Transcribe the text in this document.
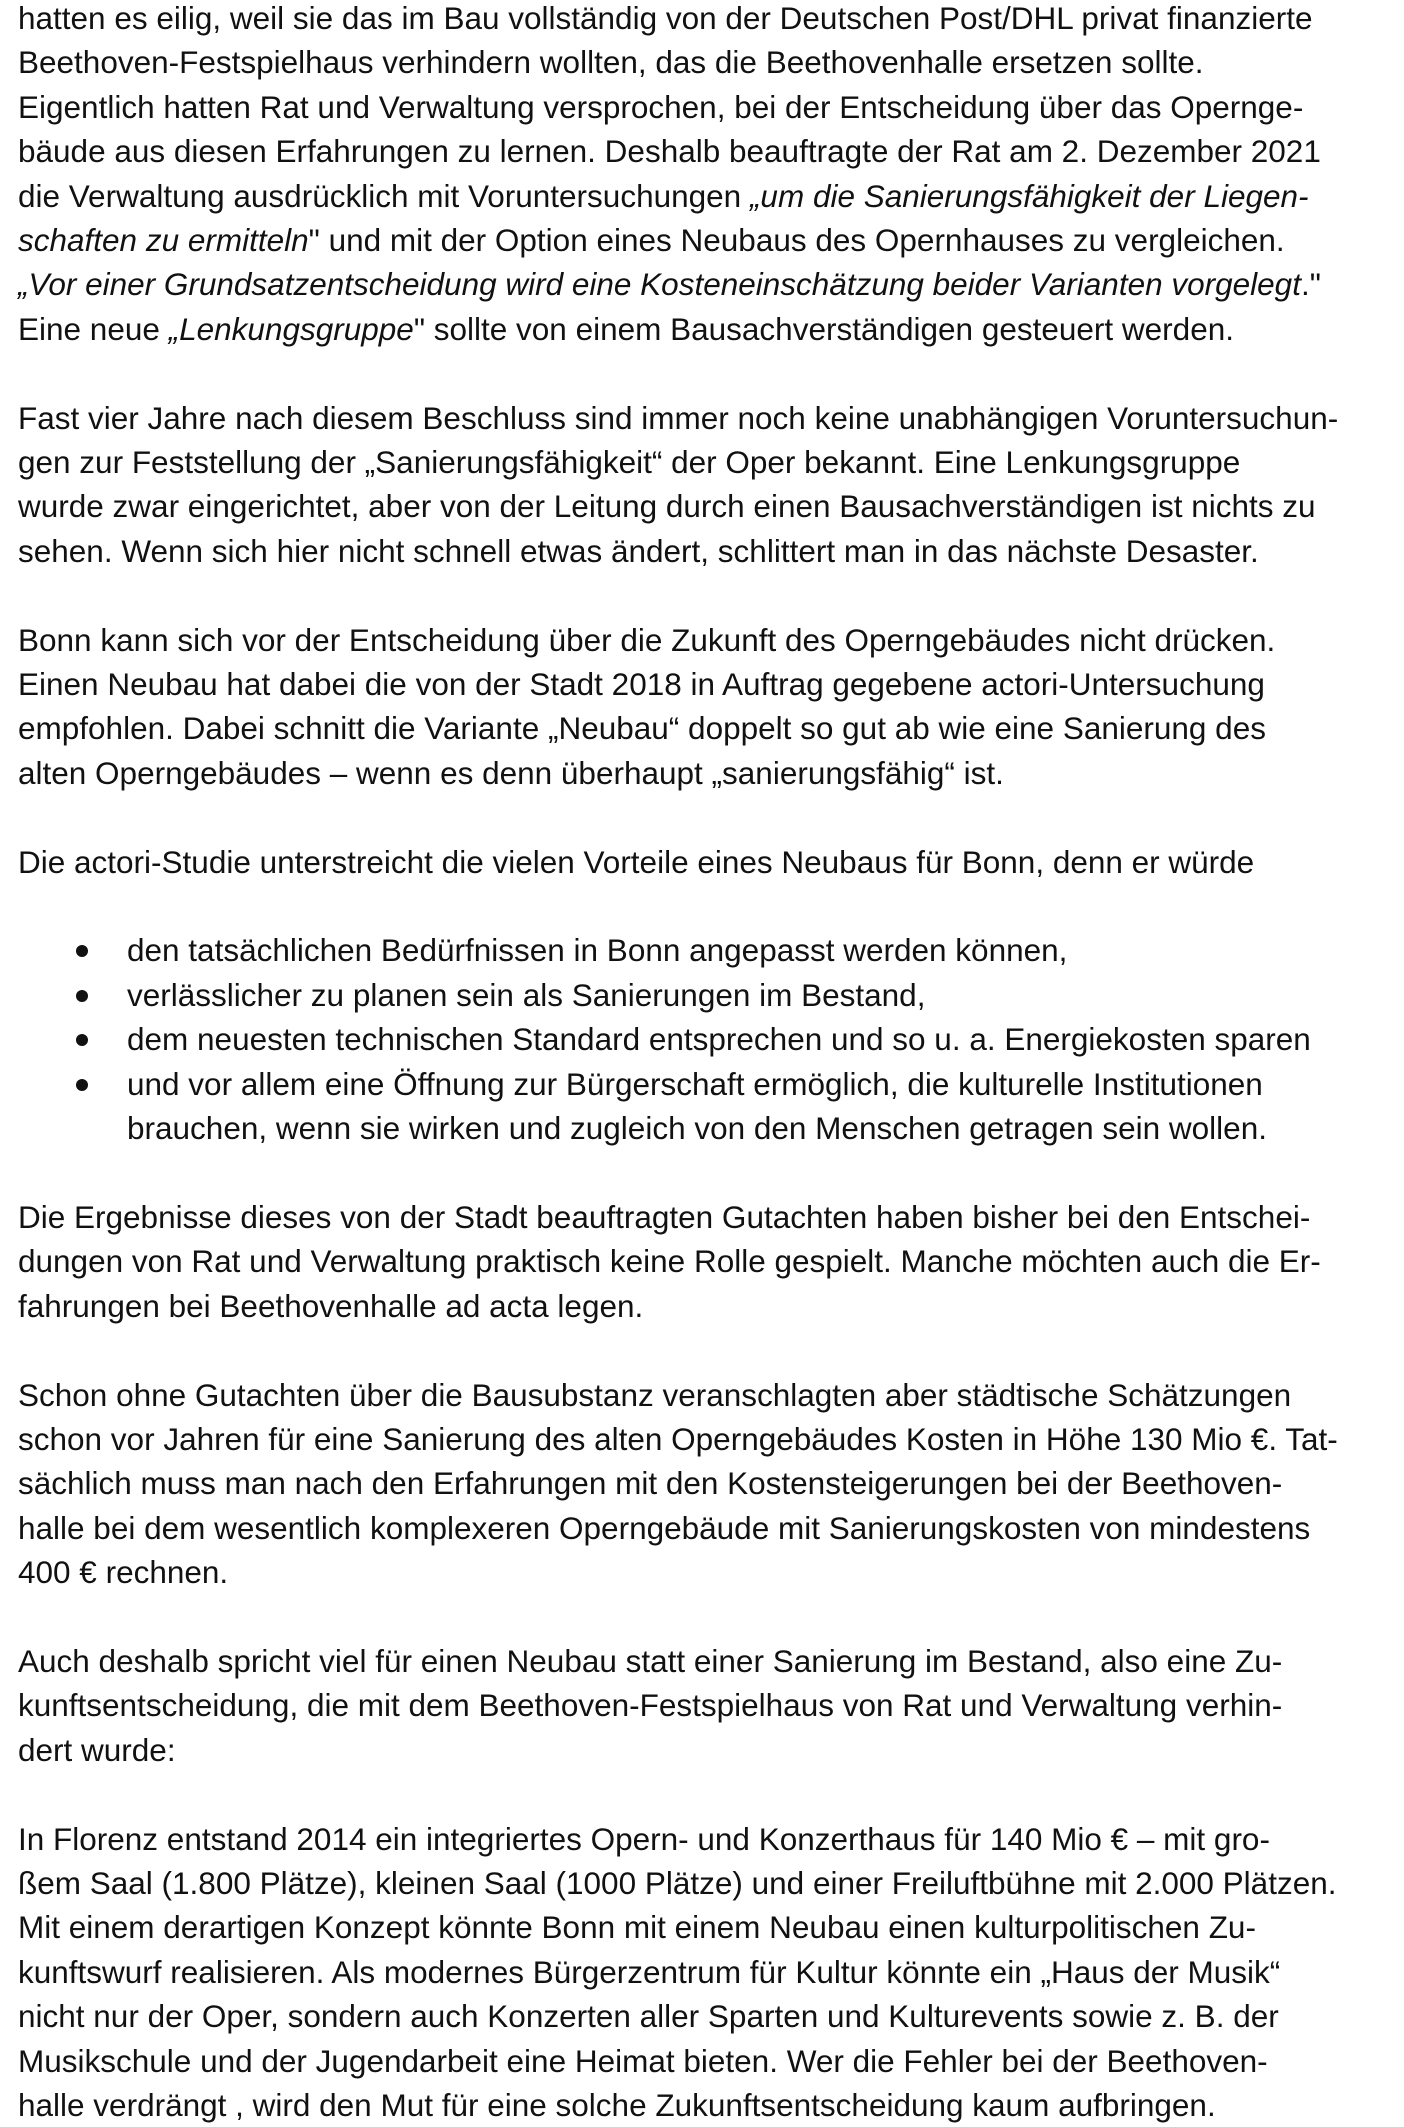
hatten es eilig, weil sie das im Bau vollständig von der Deutschen Post/DHL privat finanzierte
Beethoven-Festspielhaus verhindern wollten, das die Beethovenhalle ersetzen sollte.
Eigentlich hatten Rat und Verwaltung versprochen, bei der Entscheidung über das Opernge-
bäude aus diesen Erfahrungen zu lernen. Deshalb beauftragte der Rat am 2. Dezember 2021
die Verwaltung ausdrücklich mit Voruntersuchungen „um die Sanierungsfähigkeit der Liegen-
schaften zu ermitteln" und mit der Option eines Neubaus des Opernhauses zu vergleichen.
„Vor einer Grundsatzentscheidung wird eine Kosteneinschätzung beider Varianten vorgelegt."
Eine neue „Lenkungsgruppe" sollte von einem Bausachverständigen gesteuert werden.

Fast vier Jahre nach diesem Beschluss sind immer noch keine unabhängigen Voruntersuchun-
gen zur Feststellung der „Sanierungsfähigkeit“ der Oper bekannt. Eine Lenkungsgruppe
wurde zwar eingerichtet, aber von der Leitung durch einen Bausachverständigen ist nichts zu
sehen. Wenn sich hier nicht schnell etwas ändert, schlittert man in das nächste Desaster.

Bonn kann sich vor der Entscheidung über die Zukunft des Operngebäudes nicht drücken.
Einen Neubau hat dabei die von der Stadt 2018 in Auftrag gegebene actori-Untersuchung
empfohlen. Dabei schnitt die Variante „Neubau“ doppelt so gut ab wie eine Sanierung des
alten Operngebäudes – wenn es denn überhaupt „sanierungsfähig“ ist.

Die actori-Studie unterstreicht die vielen Vorteile eines Neubaus für Bonn, denn er würde

den tatsächlichen Bedürfnissen in Bonn angepasst werden können,
verlässlicher zu planen sein als Sanierungen im Bestand,
dem neuesten technischen Standard entsprechen und so u. a. Energiekosten sparen
und vor allem eine Öffnung zur Bürgerschaft ermöglich, die kulturelle Institutionen
brauchen, wenn sie wirken und zugleich von den Menschen getragen sein wollen.

Die Ergebnisse dieses von der Stadt beauftragten Gutachten haben bisher bei den Entschei-
dungen von Rat und Verwaltung praktisch keine Rolle gespielt. Manche möchten auch die Er-
fahrungen bei Beethovenhalle ad acta legen.

Schon ohne Gutachten über die Bausubstanz veranschlagten aber städtische Schätzungen
schon vor Jahren für eine Sanierung des alten Operngebäudes Kosten in Höhe 130 Mio €. Tat-
sächlich muss man nach den Erfahrungen mit den Kostensteigerungen bei der Beethoven-
halle bei dem wesentlich komplexeren Operngebäude mit Sanierungskosten von mindestens
400 € rechnen.

Auch deshalb spricht viel für einen Neubau statt einer Sanierung im Bestand, also eine Zu-
kunftsentscheidung, die mit dem Beethoven-Festspielhaus von Rat und Verwaltung verhin-
dert wurde:

In Florenz entstand 2014 ein integriertes Opern- und Konzerthaus für 140 Mio € – mit gro-
ßem Saal (1.800 Plätze), kleinen Saal (1000 Plätze) und einer Freiluftbühne mit 2.000 Plätzen.
Mit einem derartigen Konzept könnte Bonn mit einem Neubau einen kulturpolitischen Zu-
kunftswurf realisieren. Als modernes Bürgerzentrum für Kultur könnte ein „Haus der Musik“
nicht nur der Oper, sondern auch Konzerten aller Sparten und Kulturevents sowie z. B. der
Musikschule und der Jugendarbeit eine Heimat bieten. Wer die Fehler bei der Beethoven-
halle verdrängt , wird den Mut für eine solche Zukunftsentscheidung kaum aufbringen.
